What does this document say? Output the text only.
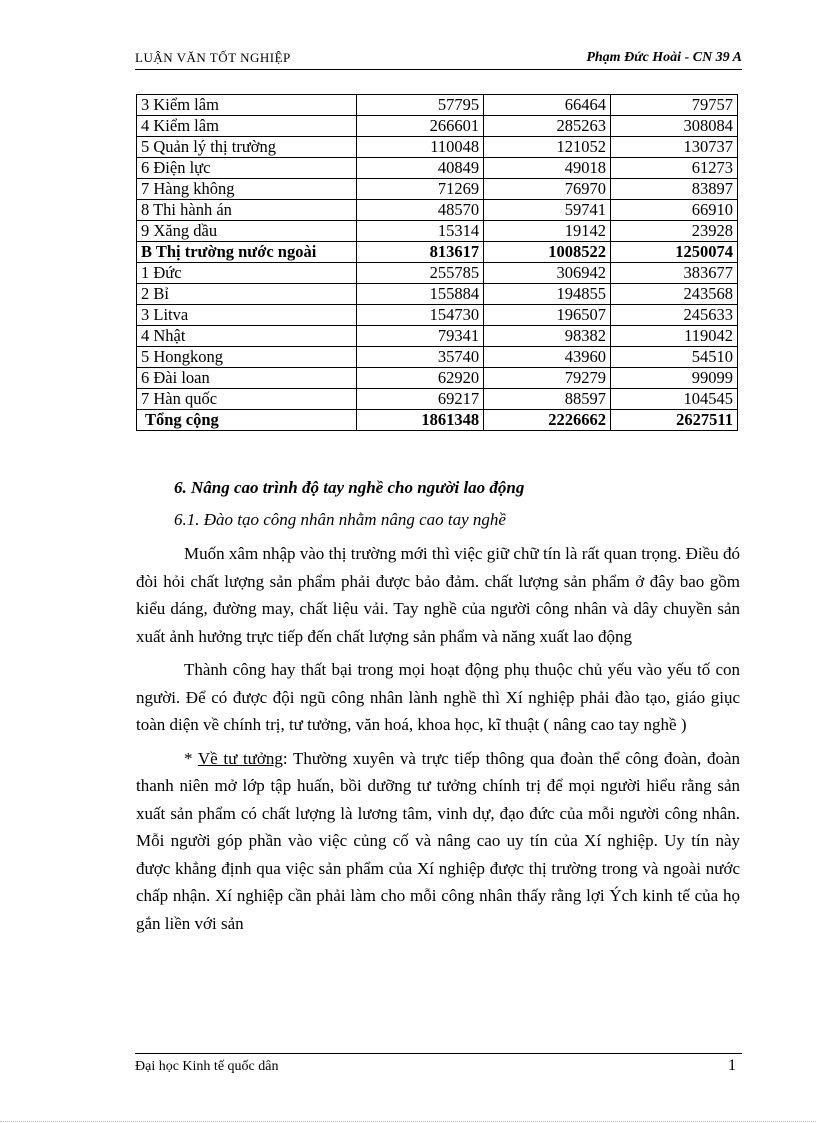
LUẬN VĂN TỐT NGHIỆP	Phạm Đức Hoài - CN 39 A
3 Kiểm lâm	57795	66464	79757
4 Kiểm lâm	266601	285263	308084
5 Quản lý thị trường	110048	121052	130737
6 Điện lực	40849	49018	61273
7 Hàng không	71269	76970	83897
8 Thi hành án	48570	59741	66910
9 Xăng dầu	15314	19142	23928
B Thị trường nước ngoài	813617	1008522	1250074
1 Đức	255785	306942	383677
2 Bỉ	155884	194855	243568
3 Litva	154730	196507	245633
4 Nhật	79341	98382	119042
5 Hongkong	35740	43960	54510
6 Đài loan	62920	79279	99099
7 Hàn quốc	69217	88597	104545
Tổng cộng	1861348	2226662	2627511
6. Nâng cao trình độ tay nghề cho người lao động
6.1. Đào tạo công nhân nhằm nâng cao tay nghề

Muốn xâm nhập vào thị trường mới thì việc giữ chữ tín là rất quan trọng. Điều đó đòi hỏi chất lượng sản phẩm phải được bảo đảm. chất lượng sản phẩm ở đây bao gồm kiểu dáng, đường may, chất liệu vải. Tay nghề của người công nhân và dây chuyền sản xuất ảnh hưởng trực tiếp đến chất lượng sản phẩm và năng xuất lao động

Thành công hay thất bại trong mọi hoạt động phụ thuộc chủ yếu vào yếu tố con người. Để có được đội ngũ công nhân lành nghề thì Xí nghiệp phải đào tạo, giáo giục toàn diện về chính trị, tư tưởng, văn hoá, khoa học, kĩ thuật ( nâng cao tay nghề )

* Về tư tưởng: Thường xuyên và trực tiếp thông qua đoàn thể công đoàn, đoàn thanh niên mở lớp tập huấn, bồi dưỡng tư tưởng chính trị để mọi người hiểu rằng sản xuất sản phẩm có chất lượng là lương tâm, vinh dự, đạo đức của mỗi người công nhân. Mỗi người góp phần vào việc củng cố và nâng cao uy tín của Xí nghiệp. Uy tín này được khẳng định qua việc sản phẩm của Xí nghiệp được thị trường trong và ngoài nước chấp nhận. Xí nghiệp cần phải làm cho mỗi công nhân thấy rằng lợi Ých kinh tế của họ gắn liền với sản

Đại học Kinh tế quốc dân	1
